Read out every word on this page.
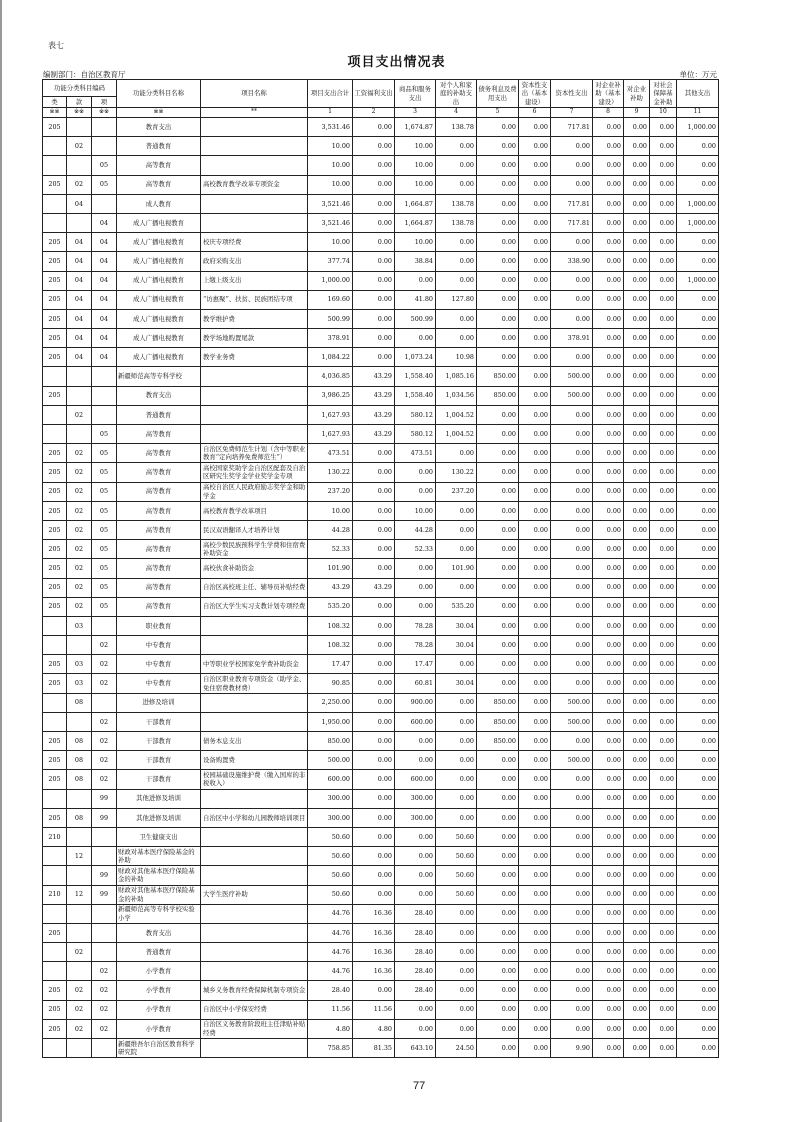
表七
项目支出情况表
编制部门：自治区教育厅	单位：万元
功能分类科目编码			功能分类科目名称	项目名称	项目支出合计	工资福利支出	商品和服务支出	对个人和家庭的补助支出	债务利息及费用支出	资本性支出（基本建设）	资本性支出	对企业补助（基本建设）	对企业补助	对社会保障基金补助	其他支出
类	款	项													
※※	※※	※※	※※	**	1	2	3	4	5	6	7	8	9	10	11
205			教育支出		3,531.46	0.00	1,674.87	138.78	0.00	0.00	717.81	0.00	0.00	0.00	1,000.00
	02		普通教育		10.00	0.00	10.00	0.00	0.00	0.00	0.00	0.00	0.00	0.00	0.00
		05	高等教育		10.00	0.00	10.00	0.00	0.00	0.00	0.00	0.00	0.00	0.00	0.00
205	02	05	高等教育	高校教育教学改革专项资金	10.00	0.00	10.00	0.00	0.00	0.00	0.00	0.00	0.00	0.00	0.00
	04		成人教育		3,521.46	0.00	1,664.87	138.78	0.00	0.00	717.81	0.00	0.00	0.00	1,000.00
		04	成人广播电视教育		3,521.46	0.00	1,664.87	138.78	0.00	0.00	717.81	0.00	0.00	0.00	1,000.00
205	04	04	成人广播电视教育	校庆专项经费	10.00	0.00	10.00	0.00	0.00	0.00	0.00	0.00	0.00	0.00	0.00
205	04	04	成人广播电视教育	政府采购支出	377.74	0.00	38.84	0.00	0.00	0.00	338.90	0.00	0.00	0.00	0.00
205	04	04	成人广播电视教育	上缴上级支出	1,000.00	0.00	0.00	0.00	0.00	0.00	0.00	0.00	0.00	0.00	1,000.00
205	04	04	成人广播电视教育	“访惠聚”、扶贫、民族团结专项	169.60	0.00	41.80	127.80	0.00	0.00	0.00	0.00	0.00	0.00	0.00
205	04	04	成人广播电视教育	教学维护费	500.99	0.00	500.99	0.00	0.00	0.00	0.00	0.00	0.00	0.00	0.00
205	04	04	成人广播电视教育	教学场地购置尾款	378.91	0.00	0.00	0.00	0.00	0.00	378.91	0.00	0.00	0.00	0.00
205	04	04	成人广播电视教育	教学业务费	1,084.22	0.00	1,073.24	10.98	0.00	0.00	0.00	0.00	0.00	0.00	0.00
			新疆师范高等专科学校		4,036.85	43.29	1,558.40	1,085.16	850.00	0.00	500.00	0.00	0.00	0.00	0.00
205			教育支出		3,986.25	43.29	1,558.40	1,034.56	850.00	0.00	500.00	0.00	0.00	0.00	0.00
	02		普通教育		1,627.93	43.29	580.12	1,004.52	0.00	0.00	0.00	0.00	0.00	0.00	0.00
		05	高等教育		1,627.93	43.29	580.12	1,004.52	0.00	0.00	0.00	0.00	0.00	0.00	0.00
205	02	05	高等教育	自治区免费师范生计划（含中等职业教育“定向培养免费师范生”）	473.51	0.00	473.51	0.00	0.00	0.00	0.00	0.00	0.00	0.00	0.00
205	02	05	高等教育	高校国家奖助学金自治区配套及自治区研究生奖学金学业奖学金专项	130.22	0.00	0.00	130.22	0.00	0.00	0.00	0.00	0.00	0.00	0.00
205	02	05	高等教育	高校自治区人民政府励志奖学金和助学金	237.20	0.00	0.00	237.20	0.00	0.00	0.00	0.00	0.00	0.00	0.00
205	02	05	高等教育	高校教育教学改革项目	10.00	0.00	10.00	0.00	0.00	0.00	0.00	0.00	0.00	0.00	0.00
205	02	05	高等教育	民汉双语翻译人才培养计划	44.28	0.00	44.28	0.00	0.00	0.00	0.00	0.00	0.00	0.00	0.00
205	02	05	高等教育	高校少数民族预科学生学费和住宿费补助资金	52.33	0.00	52.33	0.00	0.00	0.00	0.00	0.00	0.00	0.00	0.00
205	02	05	高等教育	高校伙食补助资金	101.90	0.00	0.00	101.90	0.00	0.00	0.00	0.00	0.00	0.00	0.00
205	02	05	高等教育	自治区高校班主任、辅导员补贴经费	43.29	43.29	0.00	0.00	0.00	0.00	0.00	0.00	0.00	0.00	0.00
205	02	05	高等教育	自治区大学生实习支教计划专项经费	535.20	0.00	0.00	535.20	0.00	0.00	0.00	0.00	0.00	0.00	0.00
	03		职业教育		108.32	0.00	78.28	30.04	0.00	0.00	0.00	0.00	0.00	0.00	0.00
		02	中专教育		108.32	0.00	78.28	30.04	0.00	0.00	0.00	0.00	0.00	0.00	0.00
205	03	02	中专教育	中等职业学校国家免学费补助资金	17.47	0.00	17.47	0.00	0.00	0.00	0.00	0.00	0.00	0.00	0.00
205	03	02	中专教育	自治区职业教育专项资金（助学金、免住宿费教材费）	90.85	0.00	60.81	30.04	0.00	0.00	0.00	0.00	0.00	0.00	0.00
	08		进修及培训		2,250.00	0.00	900.00	0.00	850.00	0.00	500.00	0.00	0.00	0.00	0.00
		02	干部教育		1,950.00	0.00	600.00	0.00	850.00	0.00	500.00	0.00	0.00	0.00	0.00
205	08	02	干部教育	债务本息支出	850.00	0.00	0.00	0.00	850.00	0.00	0.00	0.00	0.00	0.00	0.00
205	08	02	干部教育	设备购置费	500.00	0.00	0.00	0.00	0.00	0.00	500.00	0.00	0.00	0.00	0.00
205	08	02	干部教育	校园基础设施维护费（缴入国库的非税收入）	600.00	0.00	600.00	0.00	0.00	0.00	0.00	0.00	0.00	0.00	0.00
		99	其他进修及培训		300.00	0.00	300.00	0.00	0.00	0.00	0.00	0.00	0.00	0.00	0.00
205	08	99	其他进修及培训	自治区中小学和幼儿园教师培训项目	300.00	0.00	300.00	0.00	0.00	0.00	0.00	0.00	0.00	0.00	0.00
210			卫生健康支出		50.60	0.00	0.00	50.60	0.00	0.00	0.00	0.00	0.00	0.00	0.00
	12		财政对基本医疗保险基金的补助		50.60	0.00	0.00	50.60	0.00	0.00	0.00	0.00	0.00	0.00	0.00
		99	财政对其他基本医疗保险基金的补助		50.60	0.00	0.00	50.60	0.00	0.00	0.00	0.00	0.00	0.00	0.00
210	12	99	财政对其他基本医疗保险基金的补助	大学生医疗补助	50.60	0.00	0.00	50.60	0.00	0.00	0.00	0.00	0.00	0.00	0.00
			新疆师范高等专科学校实验小学		44.76	16.36	28.40	0.00	0.00	0.00	0.00	0.00	0.00	0.00	0.00
205			教育支出		44.76	16.36	28.40	0.00	0.00	0.00	0.00	0.00	0.00	0.00	0.00
	02		普通教育		44.76	16.36	28.40	0.00	0.00	0.00	0.00	0.00	0.00	0.00	0.00
		02	小学教育		44.76	16.36	28.40	0.00	0.00	0.00	0.00	0.00	0.00	0.00	0.00
205	02	02	小学教育	城乡义务教育经费保障机制专项资金	28.40	0.00	28.40	0.00	0.00	0.00	0.00	0.00	0.00	0.00	0.00
205	02	02	小学教育	自治区中小学保安经费	11.56	11.56	0.00	0.00	0.00	0.00	0.00	0.00	0.00	0.00	0.00
205	02	02	小学教育	自治区义务教育阶段班主任津贴补贴经费	4.80	4.80	0.00	0.00	0.00	0.00	0.00	0.00	0.00	0.00	0.00
			新疆维吾尔自治区教育科学研究院		758.85	81.35	643.10	24.50	0.00	0.00	9.90	0.00	0.00	0.00	0.00
77
